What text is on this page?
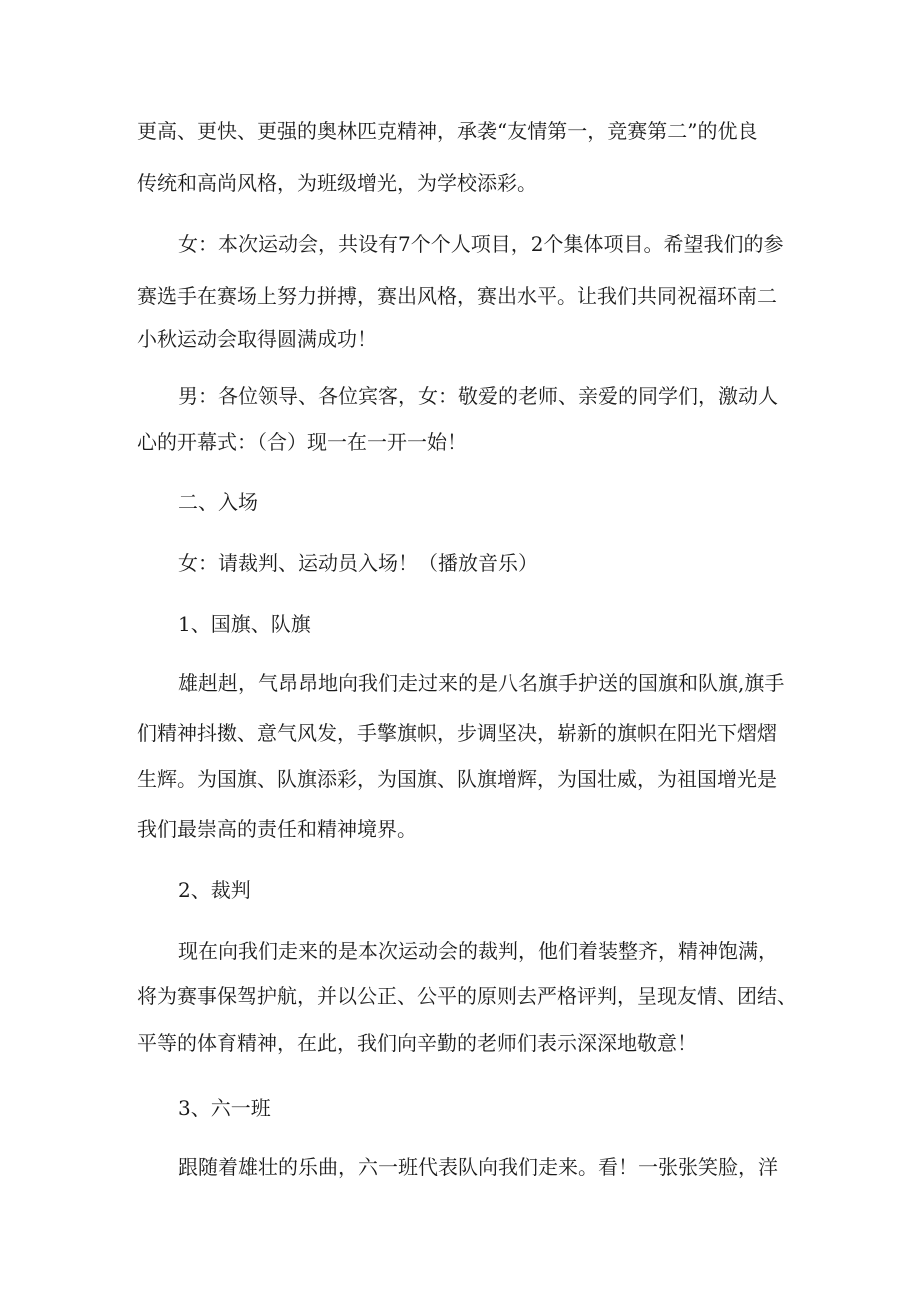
更高、更快、更强的奥林匹克精神，承袭“友情第一，竞赛第二”的优良
传统和高尚风格，为班级增光，为学校添彩。
女：本次运动会，共设有7个个人项目，2个集体项目。希望我们的参
赛选手在赛场上努力拼搏，赛出风格，赛出水平。让我们共同祝福环南二
小秋运动会取得圆满成功！
男：各位领导、各位宾客，女：敬爱的老师、亲爱的同学们，激动人
心的开幕式：（合）现一在一开一始！
二、入场
女：请裁判、运动员入场！（播放音乐）
1、国旗、队旗
雄赳赳，气昂昂地向我们走过来的是八名旗手护送的国旗和队旗,旗手
们精神抖擞、意气风发，手擎旗帜，步调坚决，崭新的旗帜在阳光下熠熠
生辉。为国旗、队旗添彩，为国旗、队旗增辉，为国壮威，为祖国增光是
我们最崇高的责任和精神境界。
2、裁判
现在向我们走来的是本次运动会的裁判，他们着装整齐，精神饱满，
将为赛事保驾护航，并以公正、公平的原则去严格评判，呈现友情、团结、
平等的体育精神，在此，我们向辛勤的老师们表示深深地敬意！
3、六一班
跟随着雄壮的乐曲，六一班代表队向我们走来。看！一张张笑脸，洋
